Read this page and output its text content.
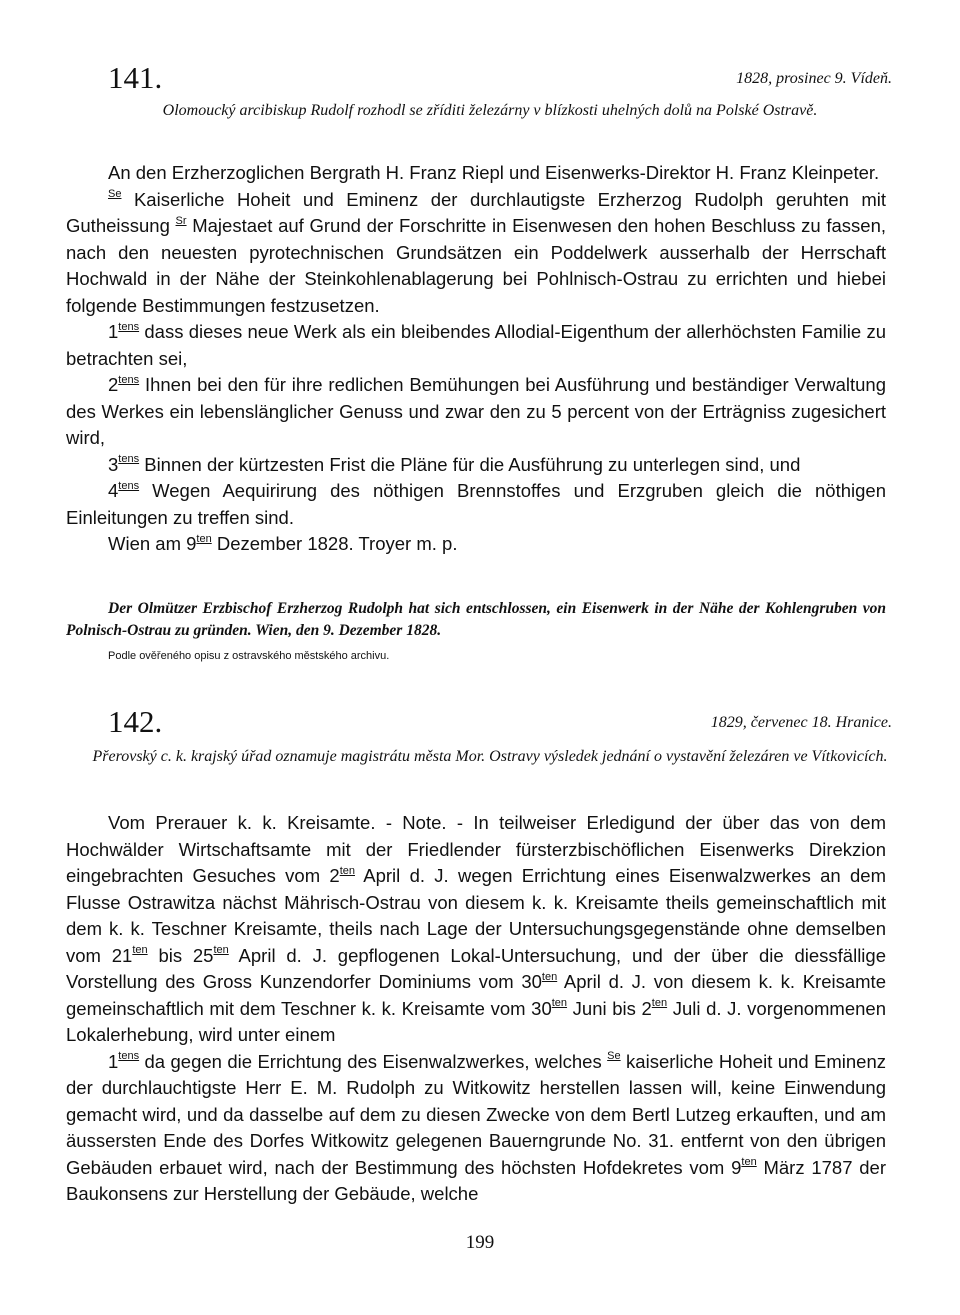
141.	1828, prosinec 9. Vídeň.
Olomoucký arcibiskup Rudolf rozhodl se zříditi železárny v blízkosti uhelných dolů na Polské Ostravě.

An den Erzherzoglichen Bergrath H. Franz Riepl und Eisenwerks-Direktor H. Franz Kleinpeter.

$^{Se}$ Kaiserliche Hoheit und Eminenz der durchlautigste Erzherzog Rudolph geruhten mit Gutheissung $^{Sr}$ Majestaet auf Grund der Forschritte in Eisenwesen den hohen Beschluss zu fassen, nach den neuesten pyrotechnischen Grundsätzen ein Poddelwerk ausserhalb der Herrschaft Hochwald in der Nähe der Steinkohlenablagerung bei Pohlnisch-Ostrau zu errichten und hiebei folgende Bestimmungen festzusetzen.

$1^{tens}$ dass dieses neue Werk als ein bleibendes Allodial-Eigenthum der allerhöchsten Familie zu betrachten sei,

$2^{tens}$ Ihnen bei den für ihre redlichen Bemühungen bei Ausführung und beständiger Verwaltung des Werkes ein lebenslänglicher Genuss und zwar den zu 5 percent von der Erträgniss zugesichert wird,

$3^{tens}$ Binnen der kürtzesten Frist die Pläne für die Ausführung zu unterlegen sind, und

$4^{tens}$ Wegen Aequirirung des nöthigen Brennstoffes und Erzgruben gleich die nöthigen Einleitungen zu treffen sind.

Wien am $9^{ten}$ Dezember 1828. Troyer m. p.

Der Olmützer Erzbischof Erzherzog Rudolph hat sich entschlossen, ein Eisenwerk in der Nähe der Kohlengruben von Polnisch-Ostrau zu gründen. Wien, den 9. Dezember 1828.

Podle ověřeného opisu z ostravského městského archivu.
142.	1829, červenec 18. Hranice.
Přerovský c. k. krajský úřad oznamuje magistrátu města Mor. Ostravy výsledek jednání o vystavění železáren ve Vítkovicích.

Vom Prerauer k. k. Kreisamte. - Note. - In teilweiser Erledigund der über das von dem Hochwälder Wirtschaftsamte mit der Friedlender fürsterzbischöflichen Eisenwerks Direkzion eingebrachten Gesuches vom $2^{ten}$ April d. J. wegen Errichtung eines Eisenwalzwerkes an dem Flusse Ostrawitza nächst Mährisch-Ostrau von diesem k. k. Kreisamte theils gemeinschaftlich mit dem k. k. Teschner Kreisamte, theils nach Lage der Untersuchungsgegenstände ohne demselben vom $21^{ten}$ bis $25^{ten}$ April d. J. gepflogenen Lokal-Untersuchung, und der über die diessfällige Vorstellung des Gross Kunzendorfer Dominiums vom $30^{ten}$ April d. J. von diesem k. k. Kreisamte gemeinschaftlich mit dem Teschner k. k. Kreisamte vom $30^{ten}$ Juni bis $2^{ten}$ Juli d. J. vorgenommenen Lokalerhebung, wird unter einem

$1^{tens}$ da gegen die Errichtung des Eisenwalzwerkes, welches $^{Se}$ kaiserliche Hoheit und Eminenz der durchlauchtigste Herr E. M. Rudolph zu Witkowitz herstellen lassen will, keine Einwendung gemacht wird, und da dasselbe auf dem zu diesen Zwecke von dem Bertl Lutzeg erkauften, und am äussersten Ende des Dorfes Witkowitz gelegenen Bauerngrunde No. 31. entfernt von den übrigen Gebäuden erbauet wird, nach der Bestimmung des höchsten Hofdekretes vom $9^{ten}$ März 1787 der Baukonsens zur Herstellung der Gebäude, welche

199
